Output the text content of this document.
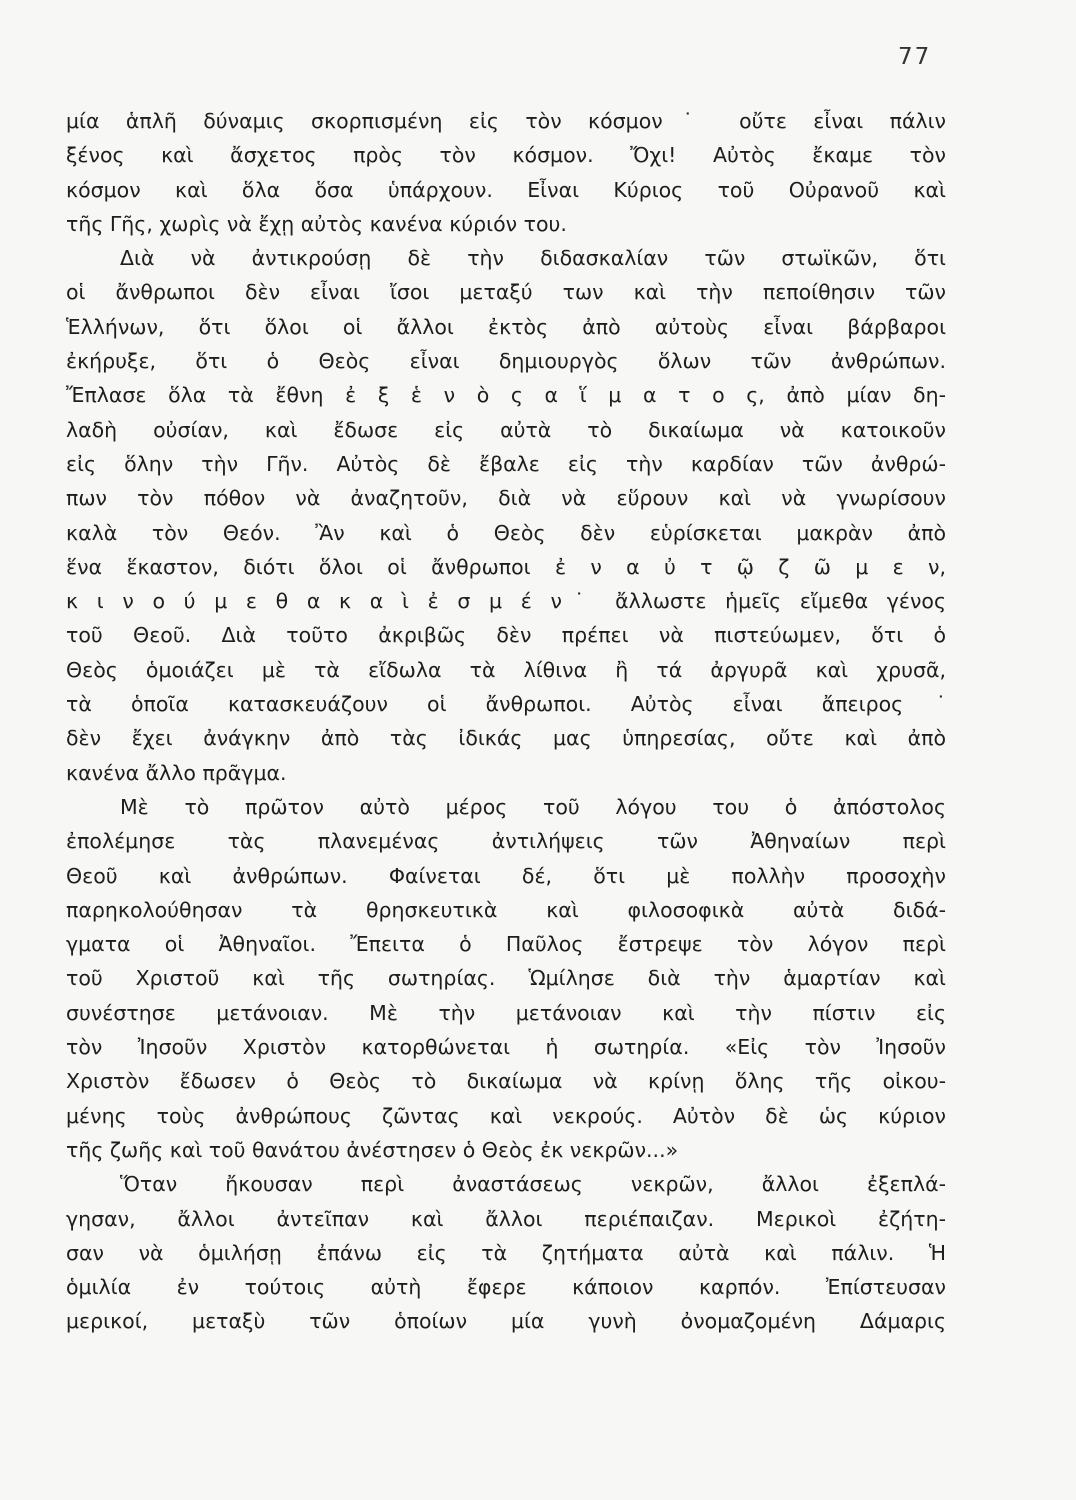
77
μία ἁπλῆ δύναμις σκορπισμένη εἰς τὸν κόσμον˙ οὔτε εἶναι πάλιν
ξένος καὶ ἄσχετος πρὸς τὸν κόσμον. Ὄχι! Αὐτὸς ἔκαμε τὸν
κόσμον καὶ ὅλα ὅσα ὑπάρχουν. Εἶναι Κύριος τοῦ Οὐρανοῦ καὶ
τῆς Γῆς, χωρὶς νὰ ἔχῃ αὐτὸς κανένα κύριόν του.
Διὰ νὰ ἀντικρούσῃ δὲ τὴν διδασκαλίαν τῶν στωϊκῶν, ὅτι
οἱ ἄνθρωποι δὲν εἶναι ἴσοι μεταξύ των καὶ τὴν πεποίθησιν τῶν
Ἑλλήνων, ὅτι ὅλοι οἱ ἄλλοι ἐκτὸς ἀπὸ αὐτοὺς εἶναι βάρβαροι
ἐκήρυξε, ὅτι ὁ Θεὸς εἶναι δημιουργὸς ὅλων τῶν ἀνθρώπων.
Ἔπλασε ὅλα τὰ ἔθνη ἐ ξ ἑ ν ὸ ς α ἵ μ α τ ο ς, ἀπὸ μίαν δη-
λαδὴ οὐσίαν, καὶ ἔδωσε εἰς αὐτὰ τὸ δικαίωμα νὰ κατοικοῦν
εἰς ὅλην τὴν Γῆν. Αὐτὸς δὲ ἔβαλε εἰς τὴν καρδίαν τῶν ἀνθρώ-
πων τὸν πόθον νὰ ἀναζητοῦν, διὰ νὰ εὕρουν καὶ νὰ γνωρίσουν
καλὰ τὸν Θεόν. Ἂν καὶ ὁ Θεὸς δὲν εὑρίσκεται μακρὰν ἀπὸ
ἕνα ἕκαστον, διότι ὅλοι οἱ ἄνθρωποι ἐ ν α ὐ τ ῷ ζ ῶ μ ε ν,
κ ι ν ο ύ μ ε θ α κ α ὶ ἐ σ μ έ ν˙ ἄλλωστε ἡμεῖς εἴμεθα γένος
τοῦ Θεοῦ. Διὰ τοῦτο ἀκριβῶς δὲν πρέπει νὰ πιστεύωμεν, ὅτι ὁ
Θεὸς ὁμοιάζει μὲ τὰ εἴδωλα τὰ λίθινα ἢ τά ἀργυρᾶ καὶ χρυσᾶ,
τὰ ὁποῖα κατασκευάζουν οἱ ἄνθρωποι. Αὐτὸς εἶναι ἄπειρος˙
δὲν ἔχει ἀνάγκην ἀπὸ τὰς ἰδικάς μας ὑπηρεσίας, οὔτε καὶ ἀπὸ
κανένα ἄλλο πρᾶγμα.
Μὲ τὸ πρῶτον αὐτὸ μέρος τοῦ λόγου του ὁ ἀπόστολος
ἐπολέμησε τὰς πλανεμένας ἀντιλήψεις τῶν Ἀθηναίων περὶ
Θεοῦ καὶ ἀνθρώπων. Φαίνεται δέ, ὅτι μὲ πολλὴν προσοχὴν
παρηκολούθησαν τὰ θρησκευτικὰ καὶ φιλοσοφικὰ αὐτὰ διδά-
γματα οἱ Ἀθηναῖοι. Ἔπειτα ὁ Παῦλος ἔστρεψε τὸν λόγον περὶ
τοῦ Χριστοῦ καὶ τῆς σωτηρίας. Ὡμίλησε διὰ τὴν ἁμαρτίαν καὶ
συνέστησε μετάνοιαν. Μὲ τὴν μετάνοιαν καὶ τὴν πίστιν εἰς
τὸν Ἰησοῦν Χριστὸν κατορθώνεται ἡ σωτηρία. «Εἰς τὸν Ἰησοῦν
Χριστὸν ἔδωσεν ὁ Θεὸς τὸ δικαίωμα νὰ κρίνῃ ὅλης τῆς οἰκου-
μένης τοὺς ἀνθρώπους ζῶντας καὶ νεκρούς. Αὐτὸν δὲ ὡς κύριον
τῆς ζωῆς καὶ τοῦ θανάτου ἀνέστησεν ὁ Θεὸς ἐκ νεκρῶν...»
Ὅταν ἤκουσαν περὶ ἀναστάσεως νεκρῶν, ἄλλοι ἐξεπλά-
γησαν, ἄλλοι ἀντεῖπαν καὶ ἄλλοι περιέπαιζαν. Μερικοὶ ἐζήτη-
σαν νὰ ὁμιλήσῃ ἐπάνω εἰς τὰ ζητήματα αὐτὰ καὶ πάλιν. Ἡ
ὁμιλία ἐν τούτοις αὐτὴ ἔφερε κάποιον καρπόν. Ἐπίστευσαν
μερικοί, μεταξὺ τῶν ὁποίων μία γυνὴ ὀνομαζομένη Δάμαρις
